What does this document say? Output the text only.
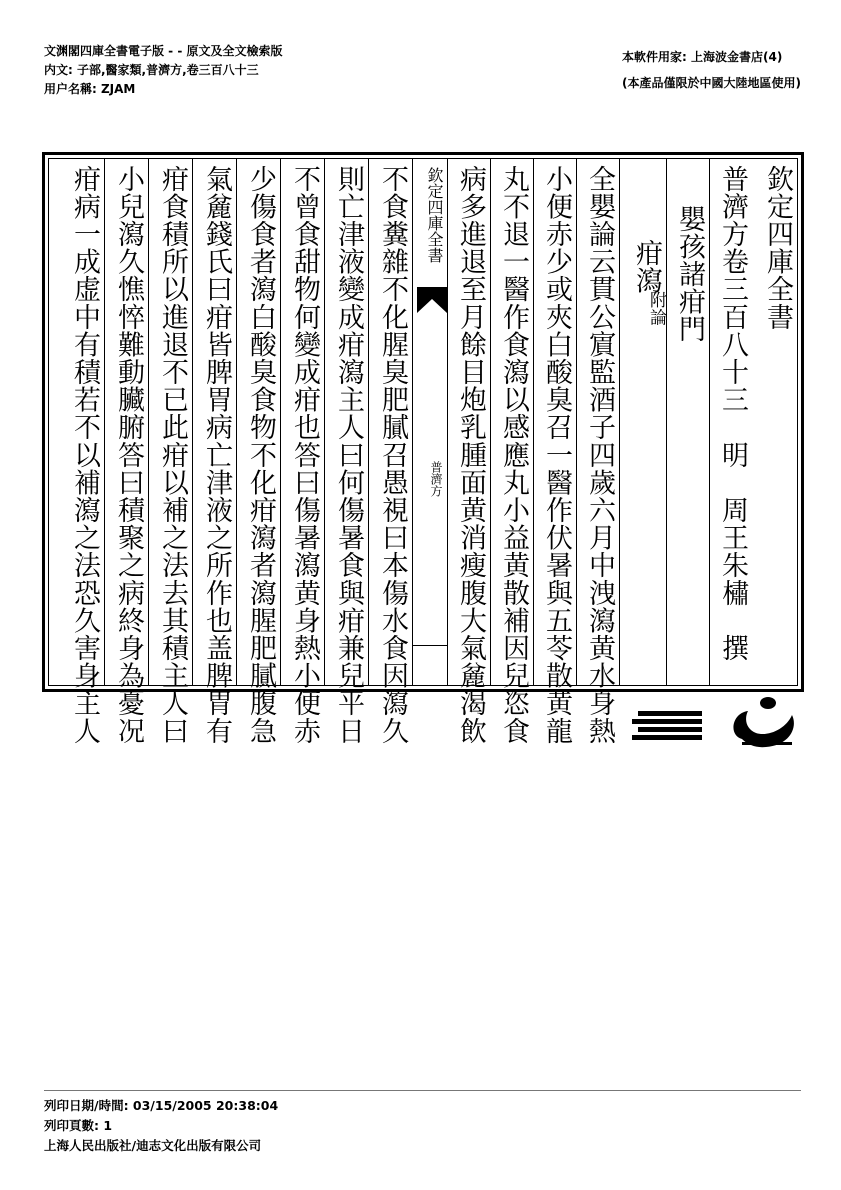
文渊閣四庫全書電子版 - - 原文及全文檢索版
内文: 子部,醫家類,普濟方,卷三百八十三
用户名稱: ZJAM
本軟件用家: 上海波金書店(4)
(本產品僅限於中國大陸地區使用)
欽定四庫全書
普濟方卷三百八十三　明　周王朱橚　撰
嬰孩諸疳門
疳瀉
附論
全嬰論云貫公賔監酒子四歲六月中洩瀉黄水身熱
小便赤少或夾白酸臭召一醫作伏暑與五苓散黄龍
丸不退一醫作食瀉以感應丸小益黄散補因兒恣食
病多進退至月餘目炮乳腫面黄消瘦腹大氣麄渴飲
欽定四庫全書
普濟方
不食糞雜不化腥臭肥膩召愚視曰本傷水食因瀉久
則亡津液變成疳瀉主人曰何傷暑食與疳兼兒平日
不曾食甜物何變成疳也答曰傷暑瀉黄身熱小便赤
少傷食者瀉白酸臭食物不化疳瀉者瀉腥肥膩腹急
氣麄錢氏曰疳皆脾胃病亡津液之所作也盖脾胃有
疳食積所以進退不已此疳以補之法去其積主人曰
小兒瀉久憔悴難動臟腑答曰積聚之病終身為憂况
疳病一成虚中有積若不以補瀉之法恐久害身主人
列印日期/時間: 03/15/2005 20:38:04
列印頁數: 1
上海人民出版社/迪志文化出版有限公司
